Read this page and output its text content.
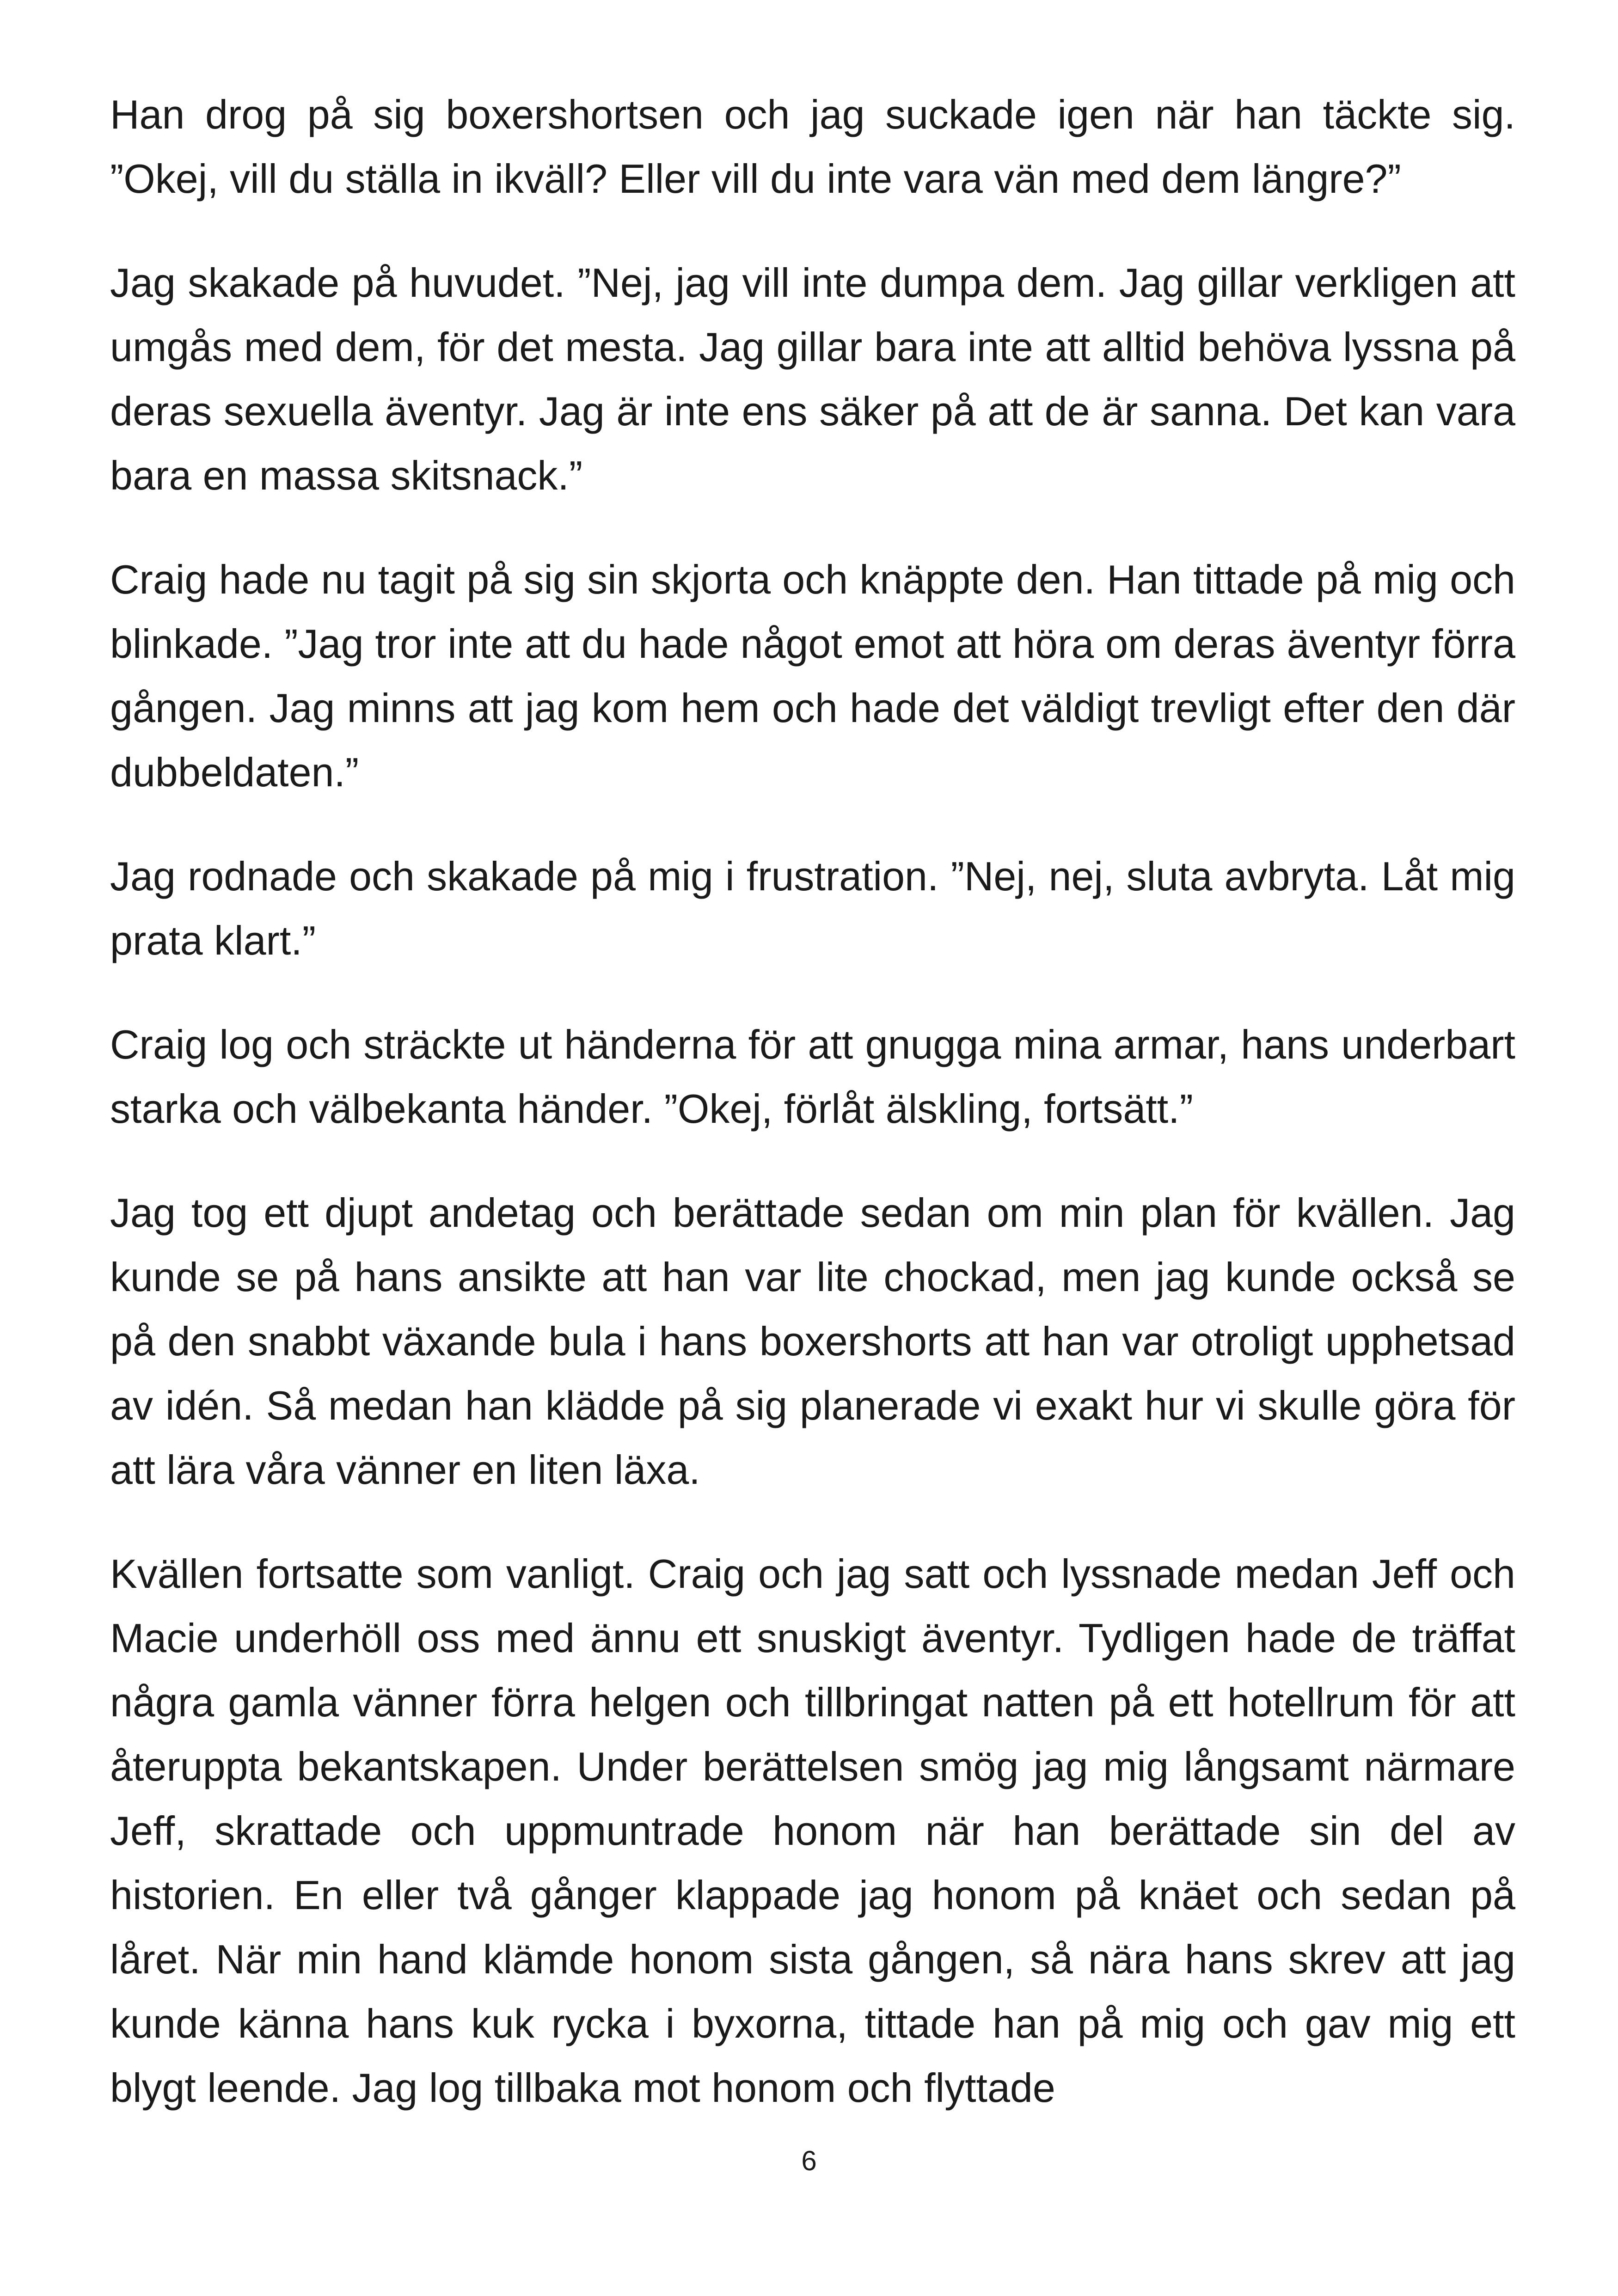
Han drog på sig boxershortsen och jag suckade igen när han täckte sig. ”Okej, vill du ställa in ikväll? Eller vill du inte vara vän med dem längre?”

Jag skakade på huvudet. ”Nej, jag vill inte dumpa dem. Jag gillar verkligen att umgås med dem, för det mesta. Jag gillar bara inte att alltid behöva lyssna på deras sexuella äventyr. Jag är inte ens säker på att de är sanna. Det kan vara bara en massa skitsnack.”

Craig hade nu tagit på sig sin skjorta och knäppte den. Han tittade på mig och blinkade. ”Jag tror inte att du hade något emot att höra om deras äventyr förra gången. Jag minns att jag kom hem och hade det väldigt trevligt efter den där dubbeldaten.”

Jag rodnade och skakade på mig i frustration. ”Nej, nej, sluta avbryta. Låt mig prata klart.”

Craig log och sträckte ut händerna för att gnugga mina armar, hans underbart starka och välbekanta händer. ”Okej, förlåt älskling, fortsätt.”

Jag tog ett djupt andetag och berättade sedan om min plan för kvällen. Jag kunde se på hans ansikte att han var lite chockad, men jag kunde också se på den snabbt växande bula i hans boxershorts att han var otroligt upphetsad av idén. Så medan han klädde på sig planerade vi exakt hur vi skulle göra för att lära våra vänner en liten läxa.

Kvällen fortsatte som vanligt. Craig och jag satt och lyssnade medan Jeff och Macie underhöll oss med ännu ett snuskigt äventyr. Tydligen hade de träffat några gamla vänner förra helgen och tillbringat natten på ett hotellrum för att återuppta bekantskapen. Under berättelsen smög jag mig långsamt närmare Jeff, skrattade och uppmuntrade honom när han berättade sin del av historien. En eller två gånger klappade jag honom på knäet och sedan på låret. När min hand klämde honom sista gången, så nära hans skrev att jag kunde känna hans kuk rycka i byxorna, tittade han på mig och gav mig ett blygt leende. Jag log tillbaka mot honom och flyttade

6
